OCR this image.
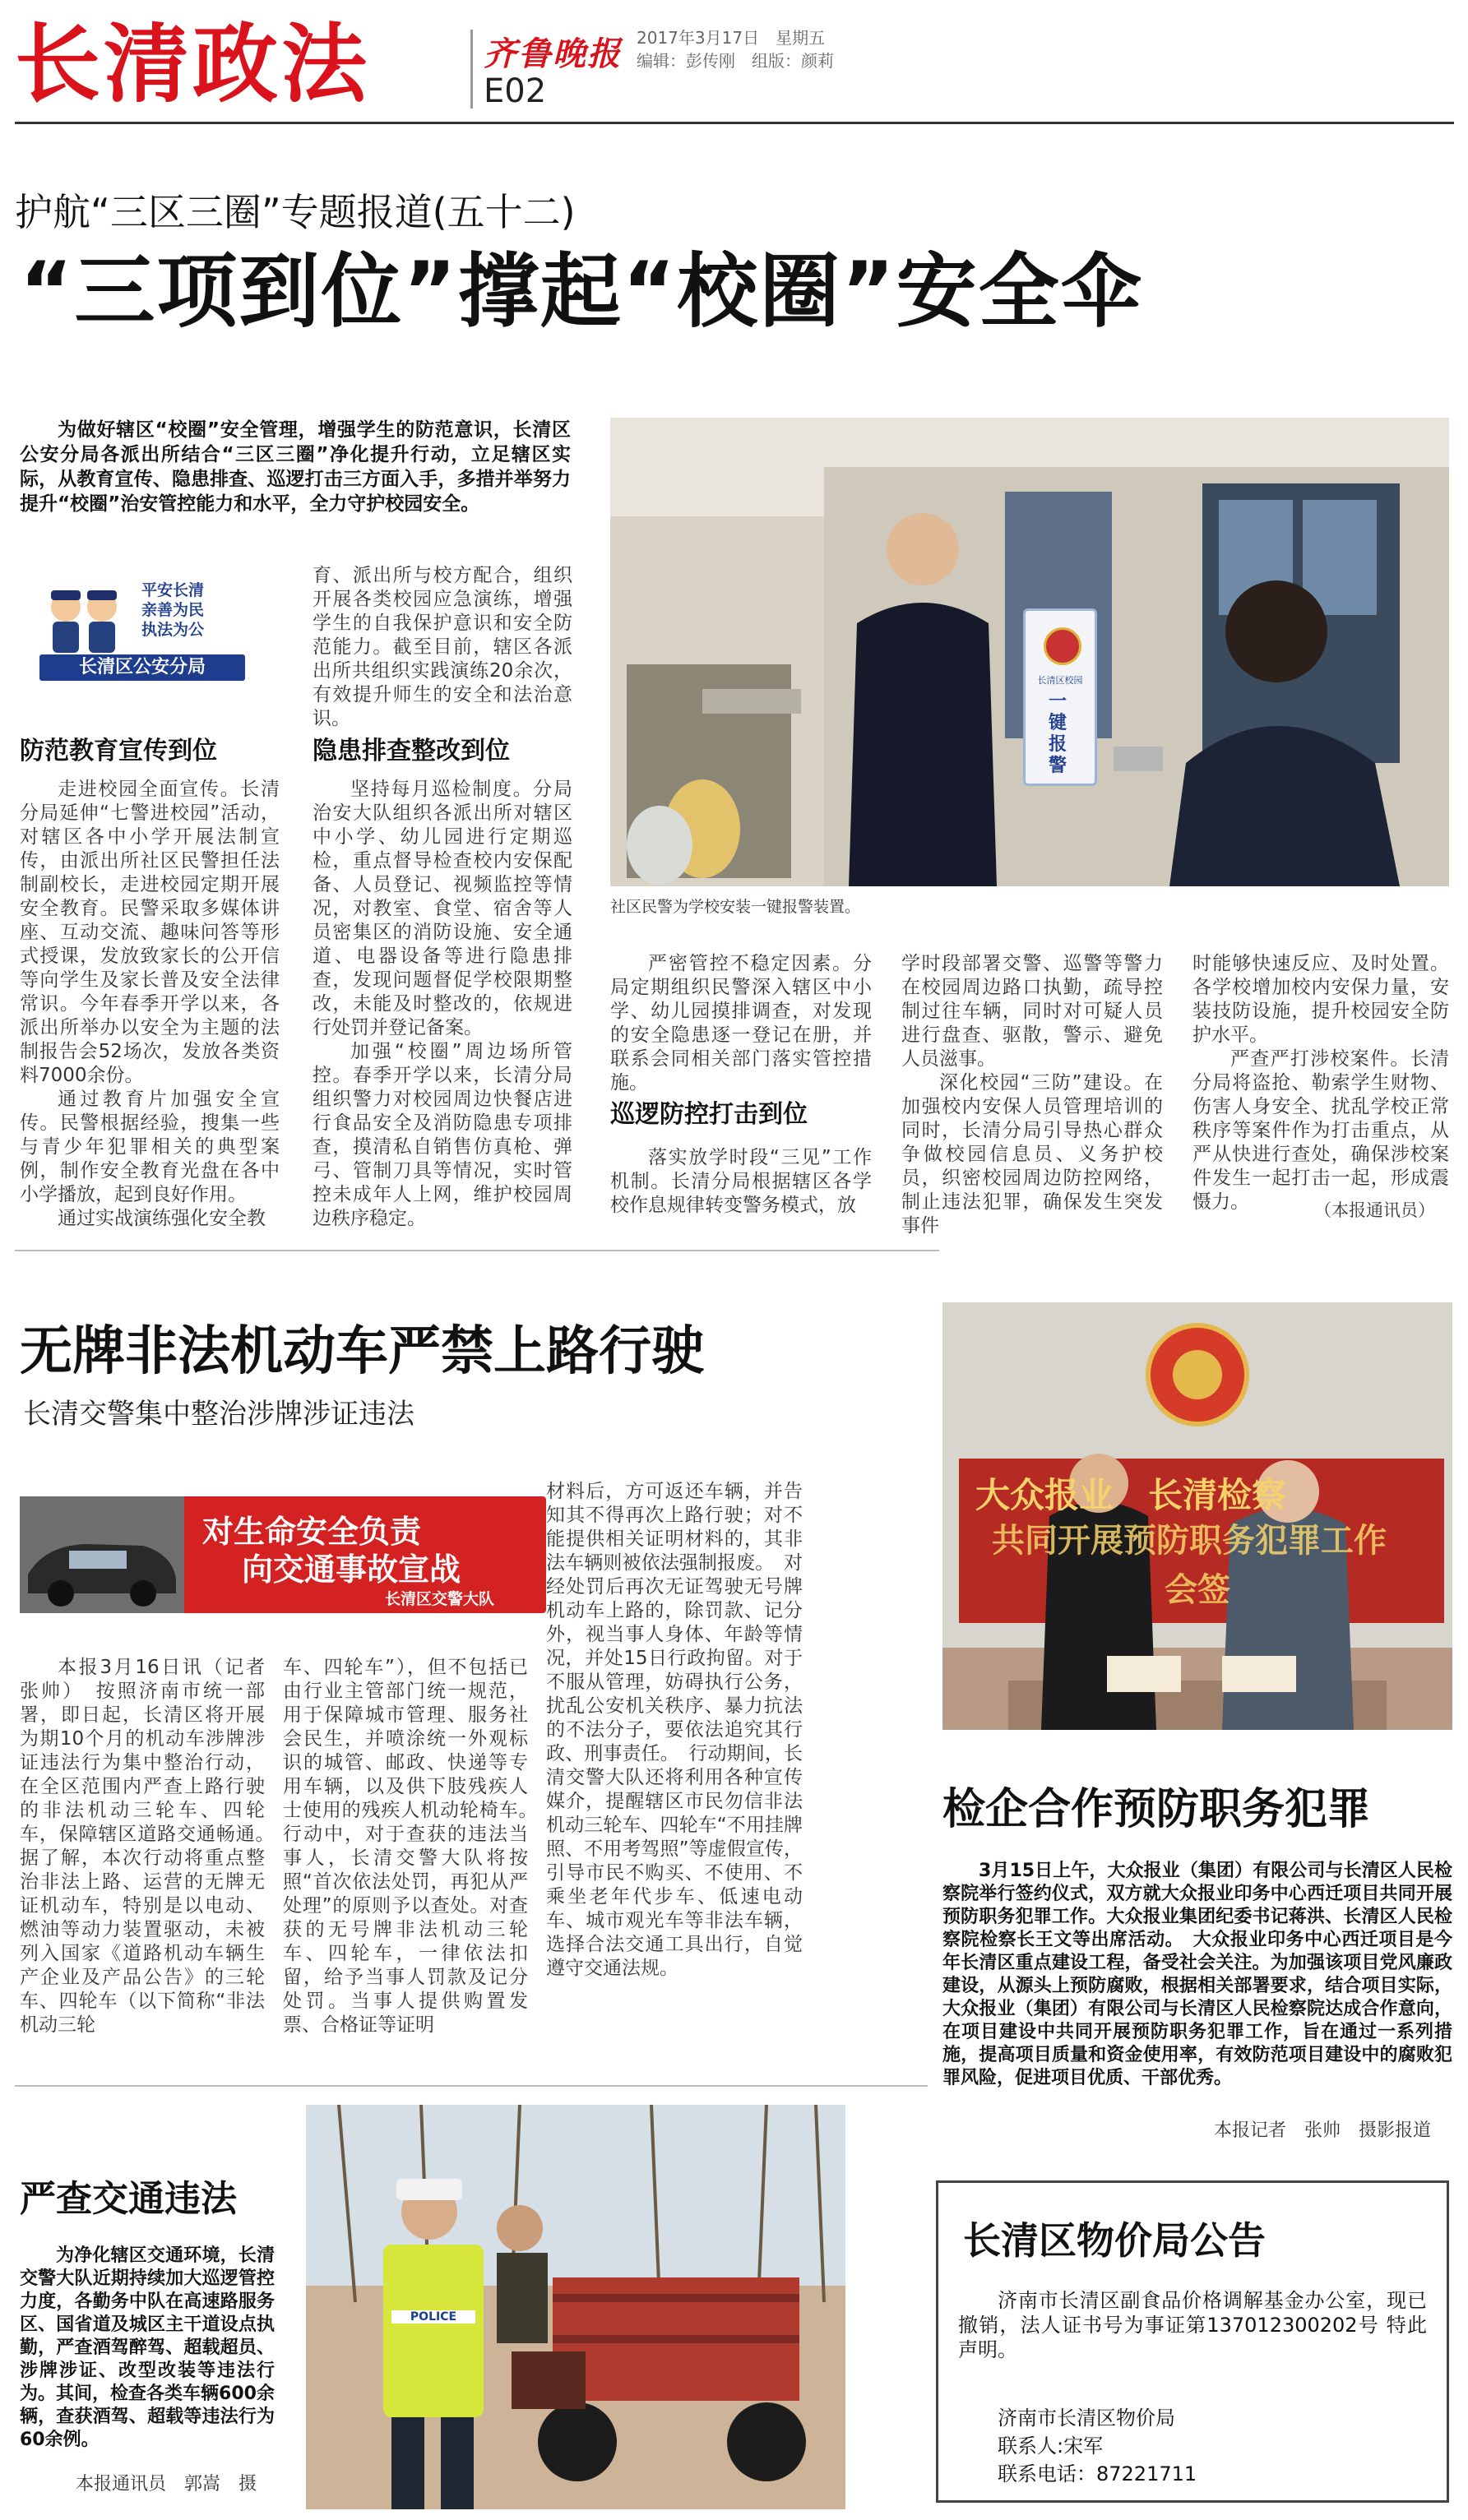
长清政法	齐鲁晚报 2017年3月17日　星期五
编辑：彭传刚　组版：颜莉
E02
护航“三区三圈”专题报道(五十二)
“三项到位”撑起“校圈”安全伞

为做好辖区“校圈”安全管理，增强学生的防范意识，长清区公安分局各派出所结合“三区三圈”净化提升行动，立足辖区实际，从教育宣传、隐患排查、巡逻打击三方面入手，多措并举努力提升“校圈”治安管控能力和水平，全力守护校园安全。

平安长清
亲善为民
执法为公
长清区公安分局

育、派出所与校方配合，组织开展各类校园应急演练，增强学生的自我保护意识和安全防范能力。截至目前，辖区各派出所共组织实践演练20余次，有效提升师生的安全和法治意识。

长清区校园
一键报警
社区民警为学校安装一键报警装置。
防范教育宣传到位

走进校园全面宣传。长清分局延伸“七警进校园”活动，对辖区各中小学开展法制宣传，由派出所社区民警担任法制副校长，走进校园定期开展安全教育。民警采取多媒体讲座、互动交流、趣味问答等形式授课，发放致家长的公开信等向学生及家长普及安全法律常识。今年春季开学以来，各派出所举办以安全为主题的法制报告会52场次，发放各类资料7000余份。

通过教育片加强安全宣传。民警根据经验，搜集一些与青少年犯罪相关的典型案例，制作安全教育光盘在各中小学播放，起到良好作用。

通过实战演练强化安全教

隐患排查整改到位

坚持每月巡检制度。分局治安大队组织各派出所对辖区中小学、幼儿园进行定期巡检，重点督导检查校内安保配备、人员登记、视频监控等情况，对教室、食堂、宿舍等人员密集区的消防设施、安全通道、电器设备等进行隐患排查，发现问题督促学校限期整改，未能及时整改的，依规进行处罚并登记备案。

加强“校圈”周边场所管控。春季开学以来，长清分局组织警力对校园周边快餐店进行食品安全及消防隐患专项排查，摸清私自销售仿真枪、弹弓、管制刀具等情况，实时管控未成年人上网，维护校园周边秩序稳定。

严密管控不稳定因素。分局定期组织民警深入辖区中小学、幼儿园摸排调查，对发现的安全隐患逐一登记在册，并联系会同相关部门落实管控措施。

巡逻防控打击到位

落实放学时段“三见”工作机制。长清分局根据辖区各学校作息规律转变警务模式，放

学时段部署交警、巡警等警力在校园周边路口执勤，疏导控制过往车辆，同时对可疑人员进行盘查、驱散，警示、避免人员滋事。

深化校园“三防”建设。在加强校内安保人员管理培训的同时，长清分局引导热心群众争做校园信息员、义务护校员，织密校园周边防控网络，制止违法犯罪，确保发生突发事件

时能够快速反应、及时处置。各学校增加校内安保力量，安装技防设施，提升校园安全防护水平。

严查严打涉校案件。长清分局将盗抢、勒索学生财物、伤害人身安全、扰乱学校正常秩序等案件作为打击重点，从严从快进行查处，确保涉校案件发生一起打击一起，形成震慑力。	（本报通讯员）
无牌非法机动车严禁上路行驶
长清交警集中整治涉牌涉证违法
对生命安全负责
向交通事故宣战
长清区交警大队

本报3月16日讯（记者 张帅）　按照济南市统一部署，即日起，长清区将开展为期10个月的机动车涉牌涉证违法行为集中整治行动，在全区范围内严查上路行驶的非法机动三轮车、四轮车，保障辖区道路交通畅通。　据了解，本次行动将重点整治非法上路、运营的无牌无证机动车，特别是以电动、燃油等动力装置驱动，未被列入国家《道路机动车辆生产企业及产品公告》的三轮车、四轮车（以下简称“非法机动三轮

车、四轮车”），但不包括已由行业主管部门统一规范，用于保障城市管理、服务社会民生，并喷涂统一外观标识的城管、邮政、快递等专用车辆，以及供下肢残疾人士使用的残疾人机动轮椅车。　行动中，对于查获的违法当事人，长清交警大队将按照“首次依法处罚，再犯从严处理”的原则予以查处。对查获的无号牌非法机动三轮车、四轮车，一律依法扣留，给予当事人罚款及记分处罚。当事人提供购置发票、合格证等证明

材料后，方可返还车辆，并告知其不得再次上路行驶；对不能提供相关证明材料的，其非法车辆则被依法强制报废。　对经处罚后再次无证驾驶无号牌机动车上路的，除罚款、记分外，视当事人身体、年龄等情况，并处15日行政拘留。对于不服从管理，妨碍执行公务，扰乱公安机关秩序、暴力抗法的不法分子，要依法追究其行政、刑事责任。　行动期间，长清交警大队还将利用各种宣传媒介，提醒辖区市民勿信非法机动三轮车、四轮车“不用挂牌照、不用考驾照”等虚假宣传，引导市民不购买、不使用、不乘坐老年代步车、低速电动车、城市观光车等非法车辆，选择合法交通工具出行，自觉遵守交通法规。

大众报业　长清检察
共同开展预防职务犯罪工作
会签
检企合作预防职务犯罪

3月15日上午，大众报业（集团）有限公司与长清区人民检察院举行签约仪式，双方就大众报业印务中心西迁项目共同开展预防职务犯罪工作。大众报业集团纪委书记蒋洪、长清区人民检察院检察长王文等出席活动。　大众报业印务中心西迁项目是今年长清区重点建设工程，备受社会关注。为加强该项目党风廉政建设，从源头上预防腐败，根据相关部署要求，结合项目实际，大众报业（集团）有限公司与长清区人民检察院达成合作意向，在项目建设中共同开展预防职务犯罪工作，旨在通过一系列措施，提高项目质量和资金使用率，有效防范项目建设中的腐败犯罪风险，促进项目优质、干部优秀。

本报记者　张帅　摄影报道
严查交通违法

为净化辖区交通环境，长清交警大队近期持续加大巡逻管控力度，各勤务中队在高速路服务区、国省道及城区主干道设点执勤，严查酒驾醉驾、超载超员、涉牌涉证、改型改装等违法行为。其间，检查各类车辆600余辆，查获酒驾、超载等违法行为60余例。

本报通讯员　郭嵩　摄
POLICE
长清区物价局公告

济南市长清区副食品价格调解基金办公室，现已撤销，法人证书号为事证第137012300202号 特此声明。

济南市长清区物价局
联系人:宋军
联系电话：87221711
